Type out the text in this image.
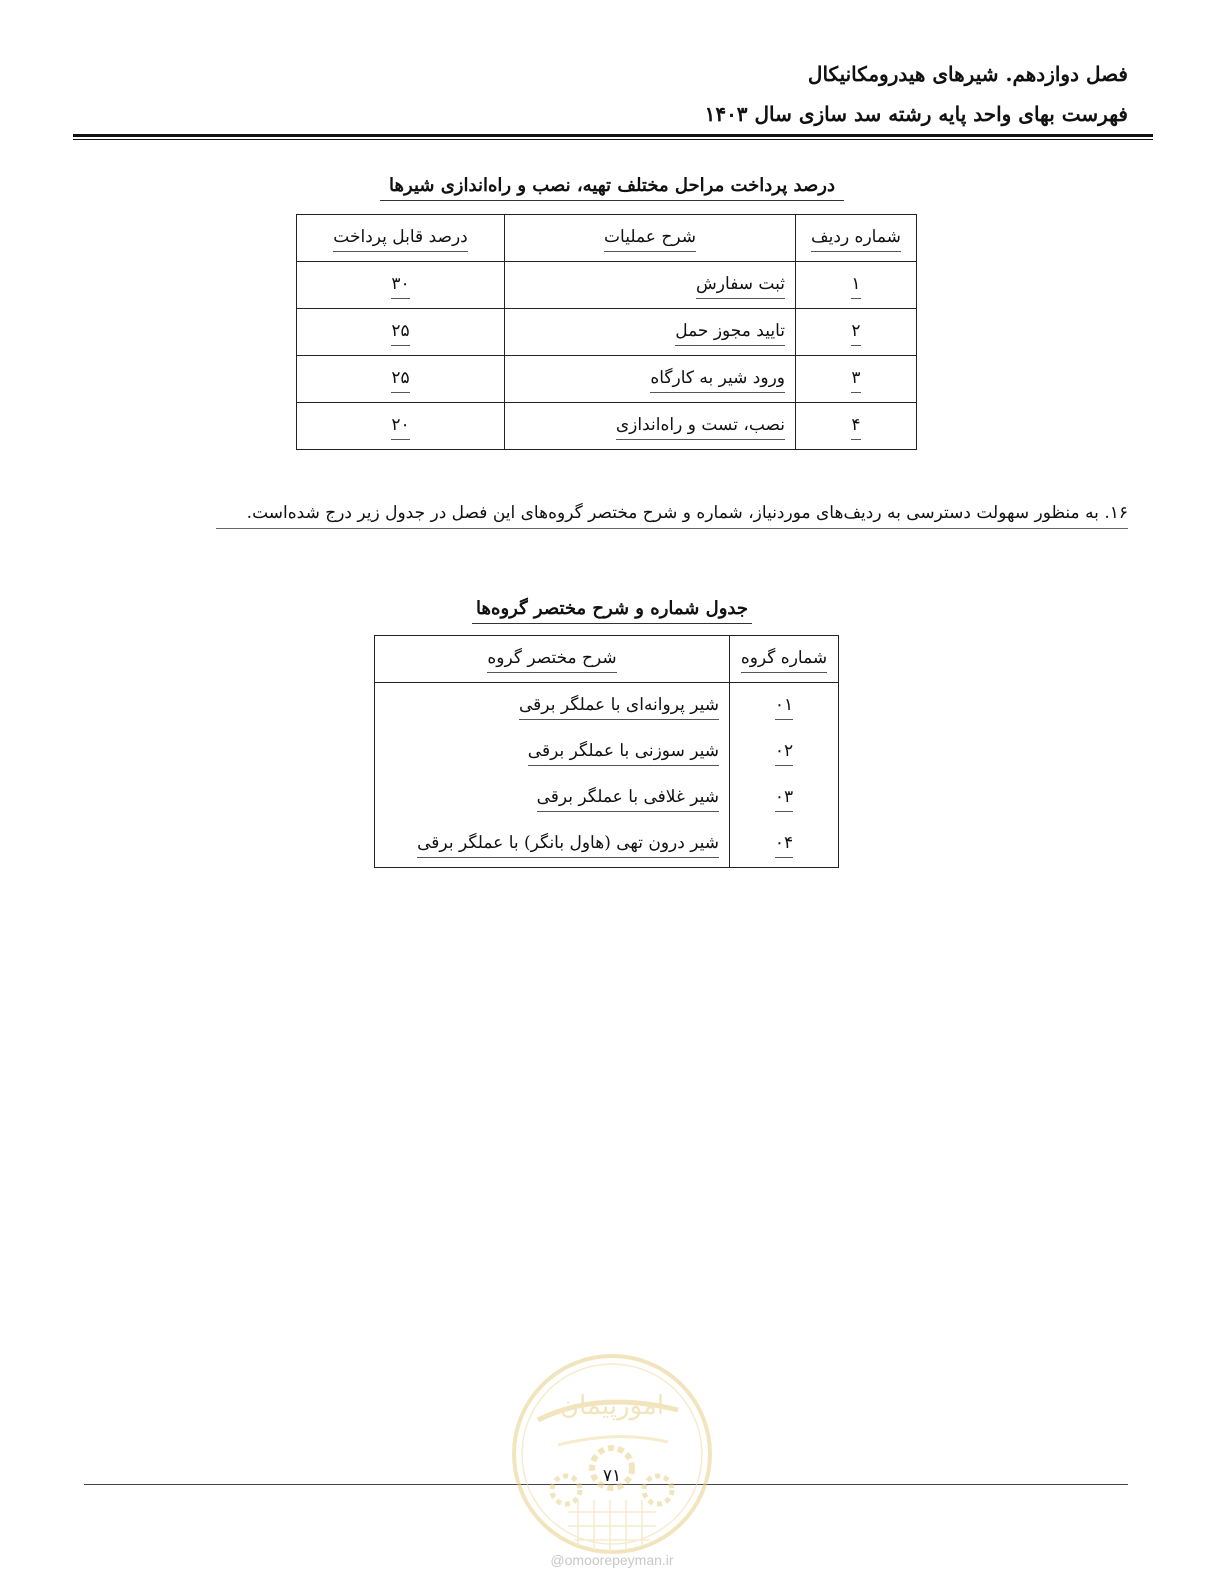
فصل دوازدهم. شیرهای هیدرومکانیکال
فهرست بهای واحد پایه رشته سد سازی سال ۱۴۰۳
درصد پرداخت مراحل مختلف تهیه، نصب و راه‌اندازی شیرها
شماره ردیف	شرح عملیات	درصد قابل پرداخت
۱	ثبت سفارش	۳۰
۲	تایید مجوز حمل	۲۵
۳	ورود شیر به کارگاه	۲۵
۴	نصب، تست و راه‌اندازی	۲۰
۱۶. به منظور سهولت دسترسی به ردیف‌های موردنیاز، شماره و شرح مختصر گروه‌های این فصل در جدول زیر درج شده‌است.
جدول شماره و شرح مختصر گروه‌ها
شماره گروه	شرح مختصر گروه
۰۱	شیر پروانه‌ای با عملگر برقی
۰۲	شیر سوزنی با عملگر برقی
۰۳	شیر غلافی با عملگر برقی
۰۴	شیر درون تهی (هاول بانگر) با عملگر برقی
امورپیمان
۷۱
@omoorepeyman.ir
